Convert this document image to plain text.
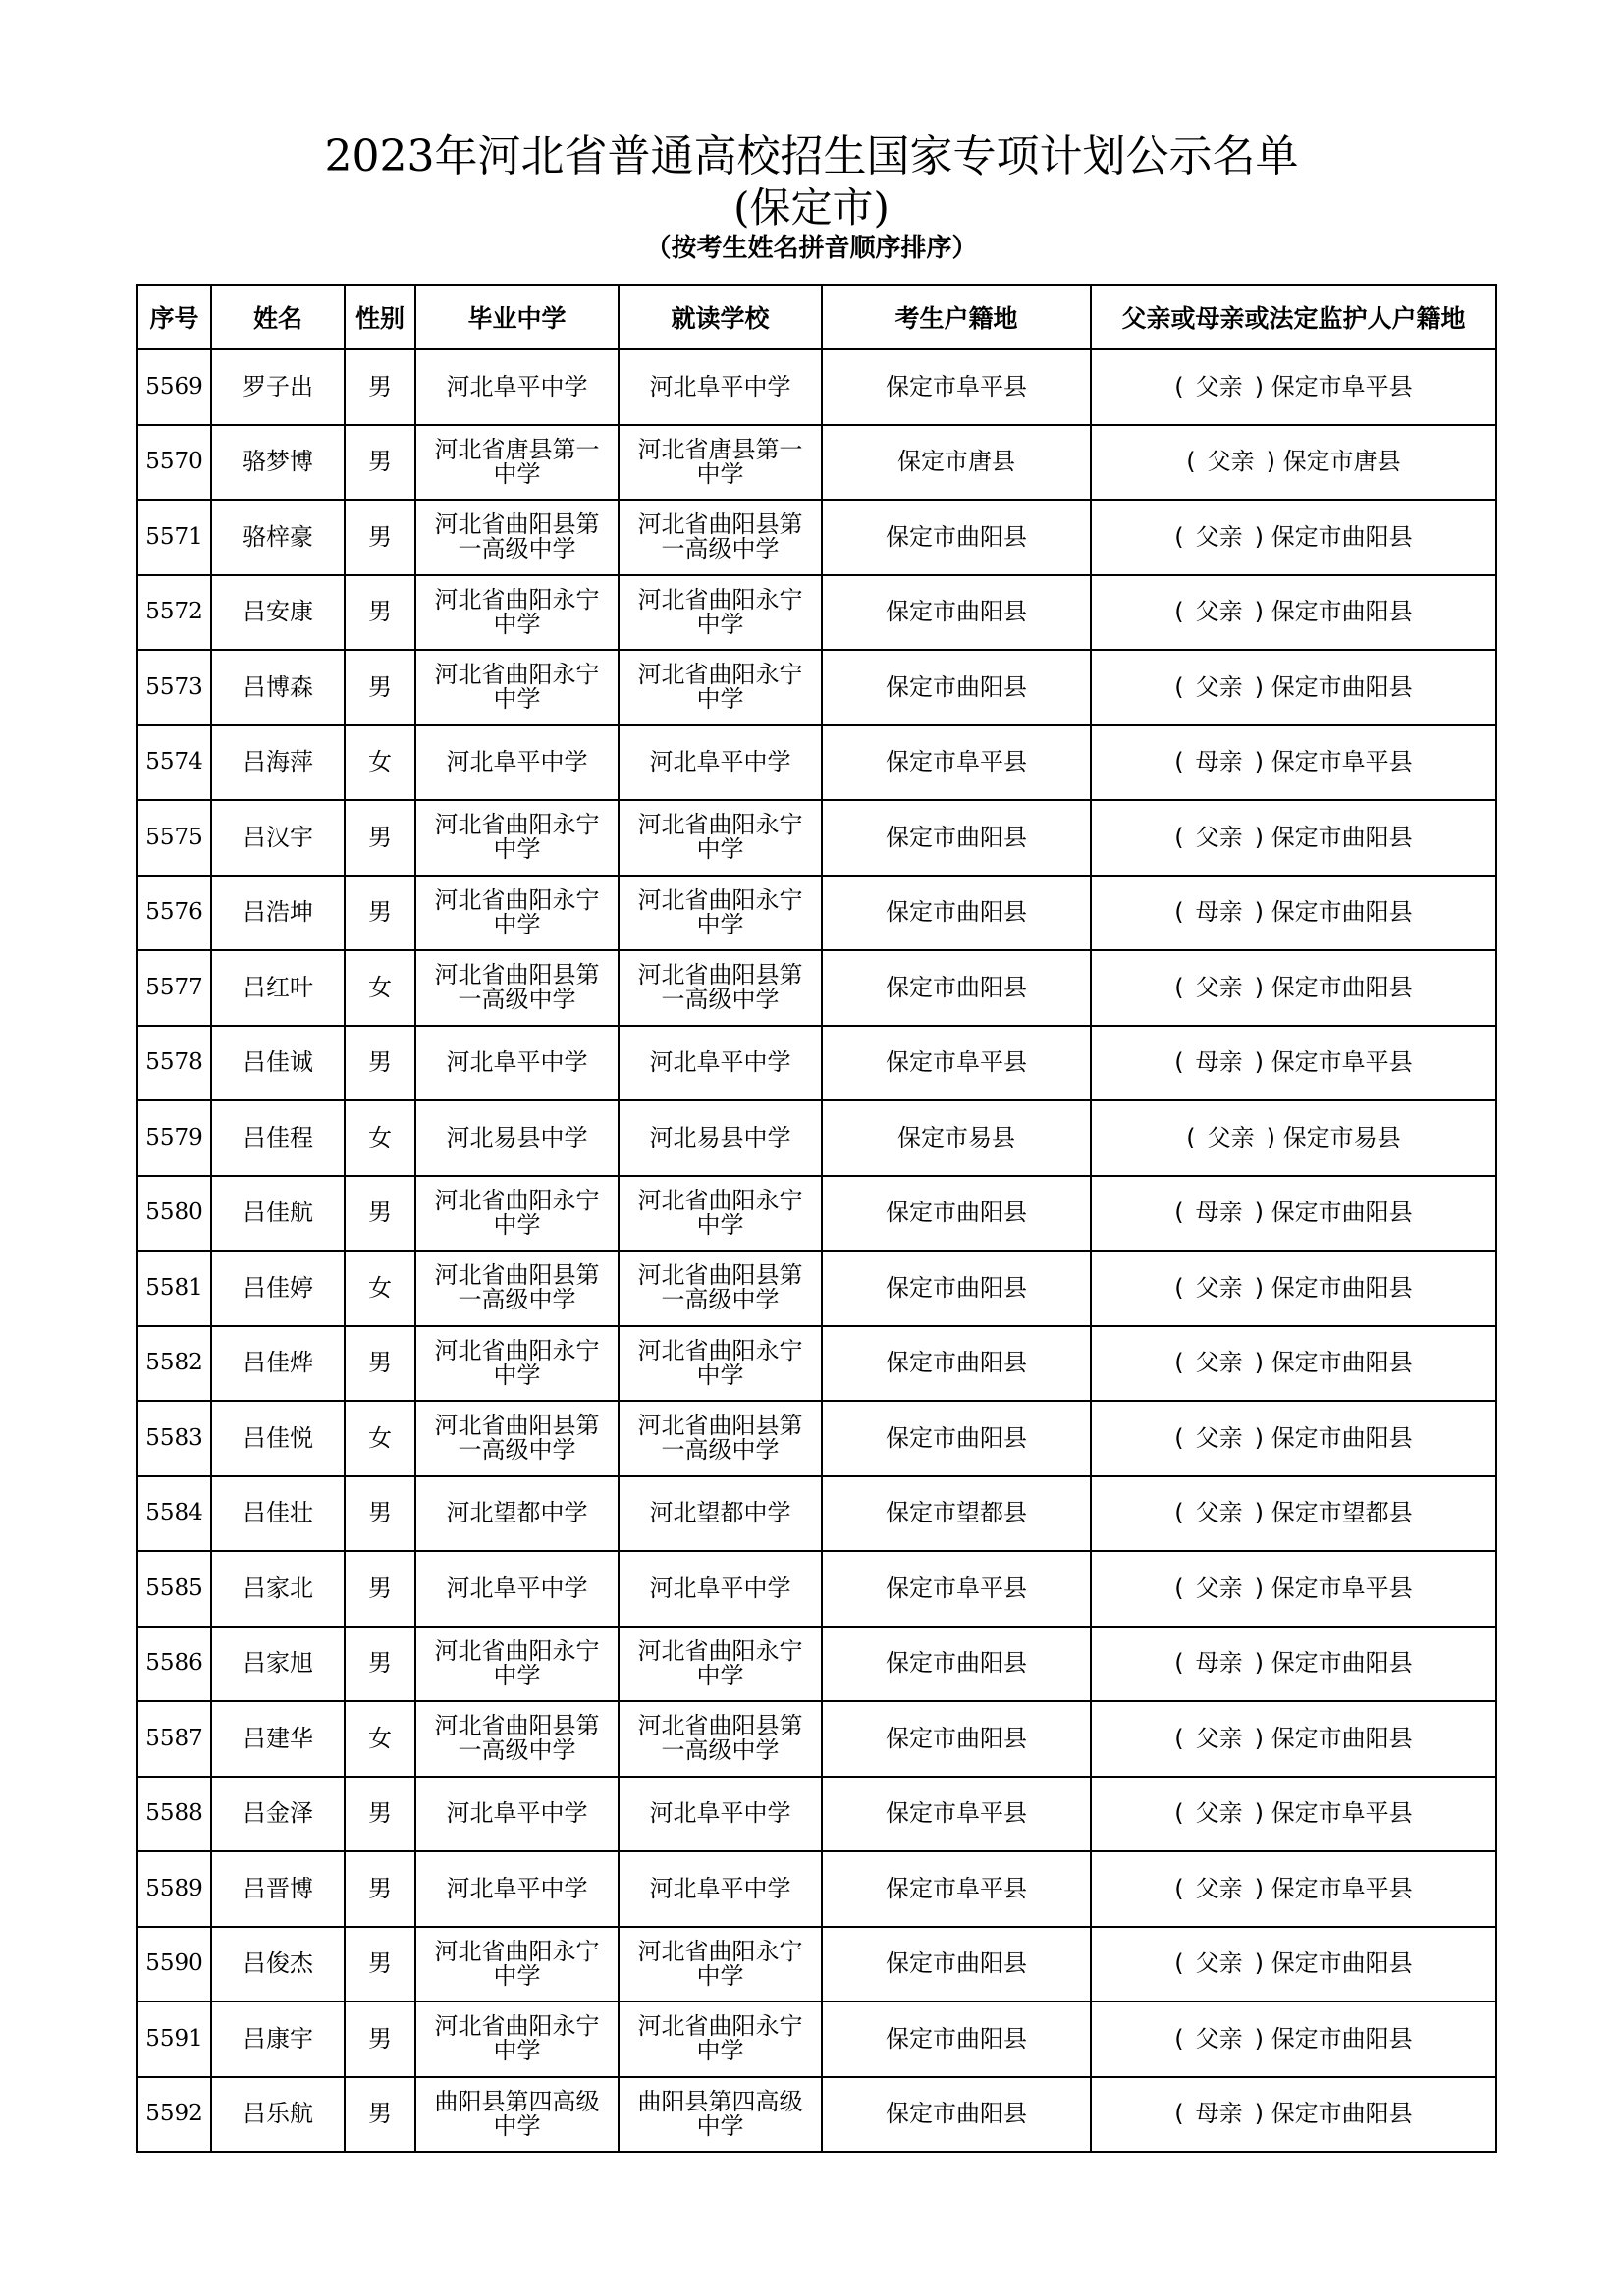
2023年河北省普通高校招生国家专项计划公示名单
(保定市)
（按考生姓名拼音顺序排序）
序号	姓名	性别	毕业中学	就读学校	考生户籍地	父亲或母亲或法定监护人户籍地
5569	罗子出	男	河北阜平中学	河北阜平中学	保定市阜平县	( 父亲 ) 保定市阜平县
5570	骆梦博	男	河北省唐县第一中学	河北省唐县第一中学	保定市唐县	( 父亲 ) 保定市唐县
5571	骆梓豪	男	河北省曲阳县第一高级中学	河北省曲阳县第一高级中学	保定市曲阳县	( 父亲 ) 保定市曲阳县
5572	吕安康	男	河北省曲阳永宁中学	河北省曲阳永宁中学	保定市曲阳县	( 父亲 ) 保定市曲阳县
5573	吕博森	男	河北省曲阳永宁中学	河北省曲阳永宁中学	保定市曲阳县	( 父亲 ) 保定市曲阳县
5574	吕海萍	女	河北阜平中学	河北阜平中学	保定市阜平县	( 母亲 ) 保定市阜平县
5575	吕汉宇	男	河北省曲阳永宁中学	河北省曲阳永宁中学	保定市曲阳县	( 父亲 ) 保定市曲阳县
5576	吕浩坤	男	河北省曲阳永宁中学	河北省曲阳永宁中学	保定市曲阳县	( 母亲 ) 保定市曲阳县
5577	吕红叶	女	河北省曲阳县第一高级中学	河北省曲阳县第一高级中学	保定市曲阳县	( 父亲 ) 保定市曲阳县
5578	吕佳诚	男	河北阜平中学	河北阜平中学	保定市阜平县	( 母亲 ) 保定市阜平县
5579	吕佳程	女	河北易县中学	河北易县中学	保定市易县	( 父亲 ) 保定市易县
5580	吕佳航	男	河北省曲阳永宁中学	河北省曲阳永宁中学	保定市曲阳县	( 母亲 ) 保定市曲阳县
5581	吕佳婷	女	河北省曲阳县第一高级中学	河北省曲阳县第一高级中学	保定市曲阳县	( 父亲 ) 保定市曲阳县
5582	吕佳烨	男	河北省曲阳永宁中学	河北省曲阳永宁中学	保定市曲阳县	( 父亲 ) 保定市曲阳县
5583	吕佳悦	女	河北省曲阳县第一高级中学	河北省曲阳县第一高级中学	保定市曲阳县	( 父亲 ) 保定市曲阳县
5584	吕佳壮	男	河北望都中学	河北望都中学	保定市望都县	( 父亲 ) 保定市望都县
5585	吕家北	男	河北阜平中学	河北阜平中学	保定市阜平县	( 父亲 ) 保定市阜平县
5586	吕家旭	男	河北省曲阳永宁中学	河北省曲阳永宁中学	保定市曲阳县	( 母亲 ) 保定市曲阳县
5587	吕建华	女	河北省曲阳县第一高级中学	河北省曲阳县第一高级中学	保定市曲阳县	( 父亲 ) 保定市曲阳县
5588	吕金泽	男	河北阜平中学	河北阜平中学	保定市阜平县	( 父亲 ) 保定市阜平县
5589	吕晋博	男	河北阜平中学	河北阜平中学	保定市阜平县	( 父亲 ) 保定市阜平县
5590	吕俊杰	男	河北省曲阳永宁中学	河北省曲阳永宁中学	保定市曲阳县	( 父亲 ) 保定市曲阳县
5591	吕康宇	男	河北省曲阳永宁中学	河北省曲阳永宁中学	保定市曲阳县	( 父亲 ) 保定市曲阳县
5592	吕乐航	男	曲阳县第四高级中学	曲阳县第四高级中学	保定市曲阳县	( 母亲 ) 保定市曲阳县
